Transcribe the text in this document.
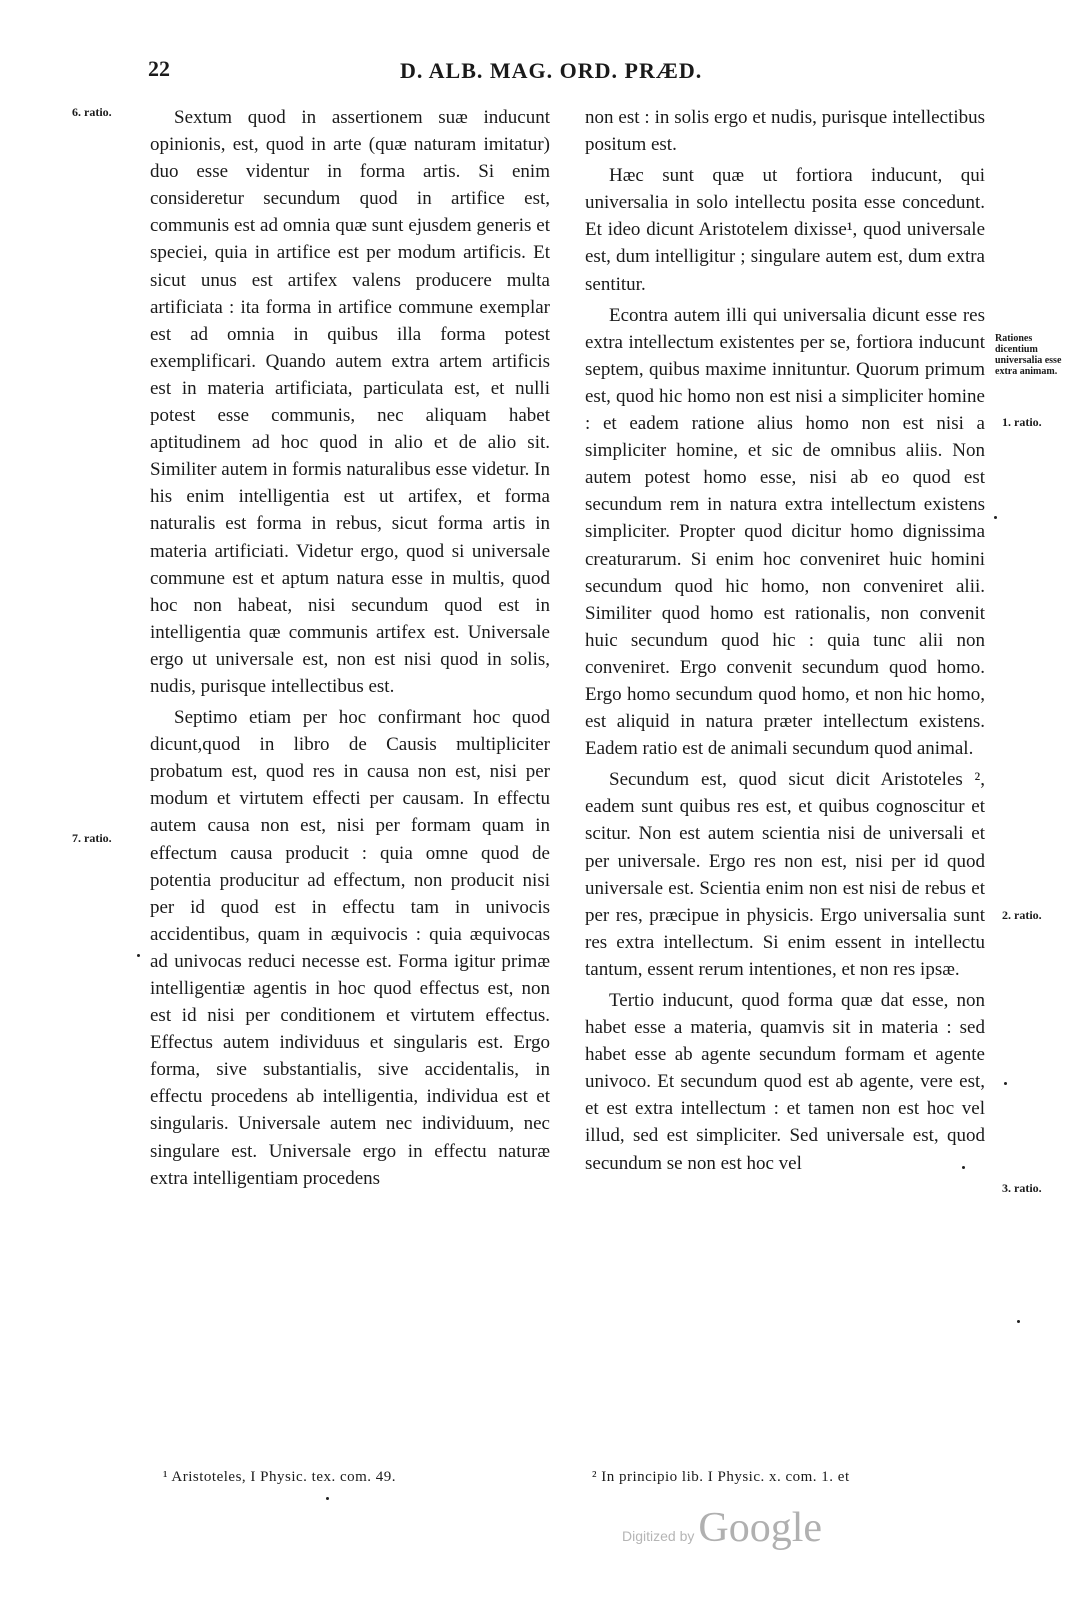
22	D. ALB. MAG. ORD. PRÆD.
6. ratio.
7. ratio.
Rationes dicentium universalia esse extra animam.
1. ratio.
2. ratio.
3. ratio.

Sextum quod in assertionem suæ inducunt opinionis, est, quod in arte (quæ naturam imitatur) duo esse videntur in forma artis. Si enim consideretur secundum quod in artifice est, communis est ad omnia quæ sunt ejusdem generis et speciei, quia in artifice est per modum artificis. Et sicut unus est artifex valens producere multa artificiata : ita forma in artifice commune exemplar est ad omnia in quibus illa forma potest exemplificari. Quando autem extra artem artificis est in materia artificiata, particulata est, et nulli potest esse communis, nec aliquam habet aptitudinem ad hoc quod in alio et de alio sit. Similiter autem in formis naturalibus esse videtur. In his enim intelligentia est ut artifex, et forma naturalis est forma in rebus, sicut forma artis in materia artificiati. Videtur ergo, quod si universale commune est et aptum natura esse in multis, quod hoc non habeat, nisi secundum quod est in intelligentia quæ communis artifex est. Universale ergo ut universale est, non est nisi quod in solis, nudis, purisque intellectibus est.

Septimo etiam per hoc confirmant hoc quod dicunt,quod in libro de Causis multipliciter probatum est, quod res in causa non est, nisi per modum et virtutem effecti per causam. In effectu autem causa non est, nisi per formam quam in effectum causa producit : quia omne quod de potentia producitur ad effectum, non producit nisi per id quod est in effectu tam in univocis accidentibus, quam in æquivocis : quia æquivocas ad univocas reduci necesse est. Forma igitur primæ intelligentiæ agentis in hoc quod effectus est, non est id nisi per conditionem et virtutem effectus. Effectus autem individuus et singularis est. Ergo forma, sive substantialis, sive accidentalis, in effectu procedens ab intelligentia, individua est et singularis. Universale autem nec individuum, nec singulare est. Universale ergo in effectu naturæ extra intelligentiam procedens

non est : in solis ergo et nudis, purisque intellectibus positum est.

Hæc sunt quæ ut fortiora inducunt, qui universalia in solo intellectu posita esse concedunt. Et ideo dicunt Aristotelem dixisse¹, quod universale est, dum intelligitur ; singulare autem est, dum extra sentitur.

Econtra autem illi qui universalia dicunt esse res extra intellectum existentes per se, fortiora inducunt septem, quibus maxime innituntur. Quorum primum est, quod hic homo non est nisi a simpliciter homine : et eadem ratione alius homo non est nisi a simpliciter homine, et sic de omnibus aliis. Non autem potest homo esse, nisi ab eo quod est secundum rem in natura extra intellectum existens simpliciter. Propter quod dicitur homo dignissima creaturarum. Si enim hoc conveniret huic homini secundum quod hic homo, non conveniret alii. Similiter quod homo est rationalis, non convenit huic secundum quod hic : quia tunc alii non conveniret. Ergo convenit secundum quod homo. Ergo homo secundum quod homo, et non hic homo, est aliquid in natura præter intellectum existens. Eadem ratio est de animali secundum quod animal.

Secundum est, quod sicut dicit Aristoteles ², eadem sunt quibus res est, et quibus cognoscitur et scitur. Non est autem scientia nisi de universali et per universale. Ergo res non est, nisi per id quod universale est. Scientia enim non est nisi de rebus et per res, præcipue in physicis. Ergo universalia sunt res extra intellectum. Si enim essent in intellectu tantum, essent rerum intentiones, et non res ipsæ.

Tertio inducunt, quod forma quæ dat esse, non habet esse a materia, quamvis sit in materia : sed habet esse ab agente secundum formam et agente univoco. Et secundum quod est ab agente, vere est, et est extra intellectum : et tamen non est hoc vel illud, sed est simpliciter. Sed universale est, quod secundum se non est hoc vel

¹ Aristoteles, I Physic. tex. com. 49.	² In principio lib. I Physic. x. com. 1. et
Digitized by Google
